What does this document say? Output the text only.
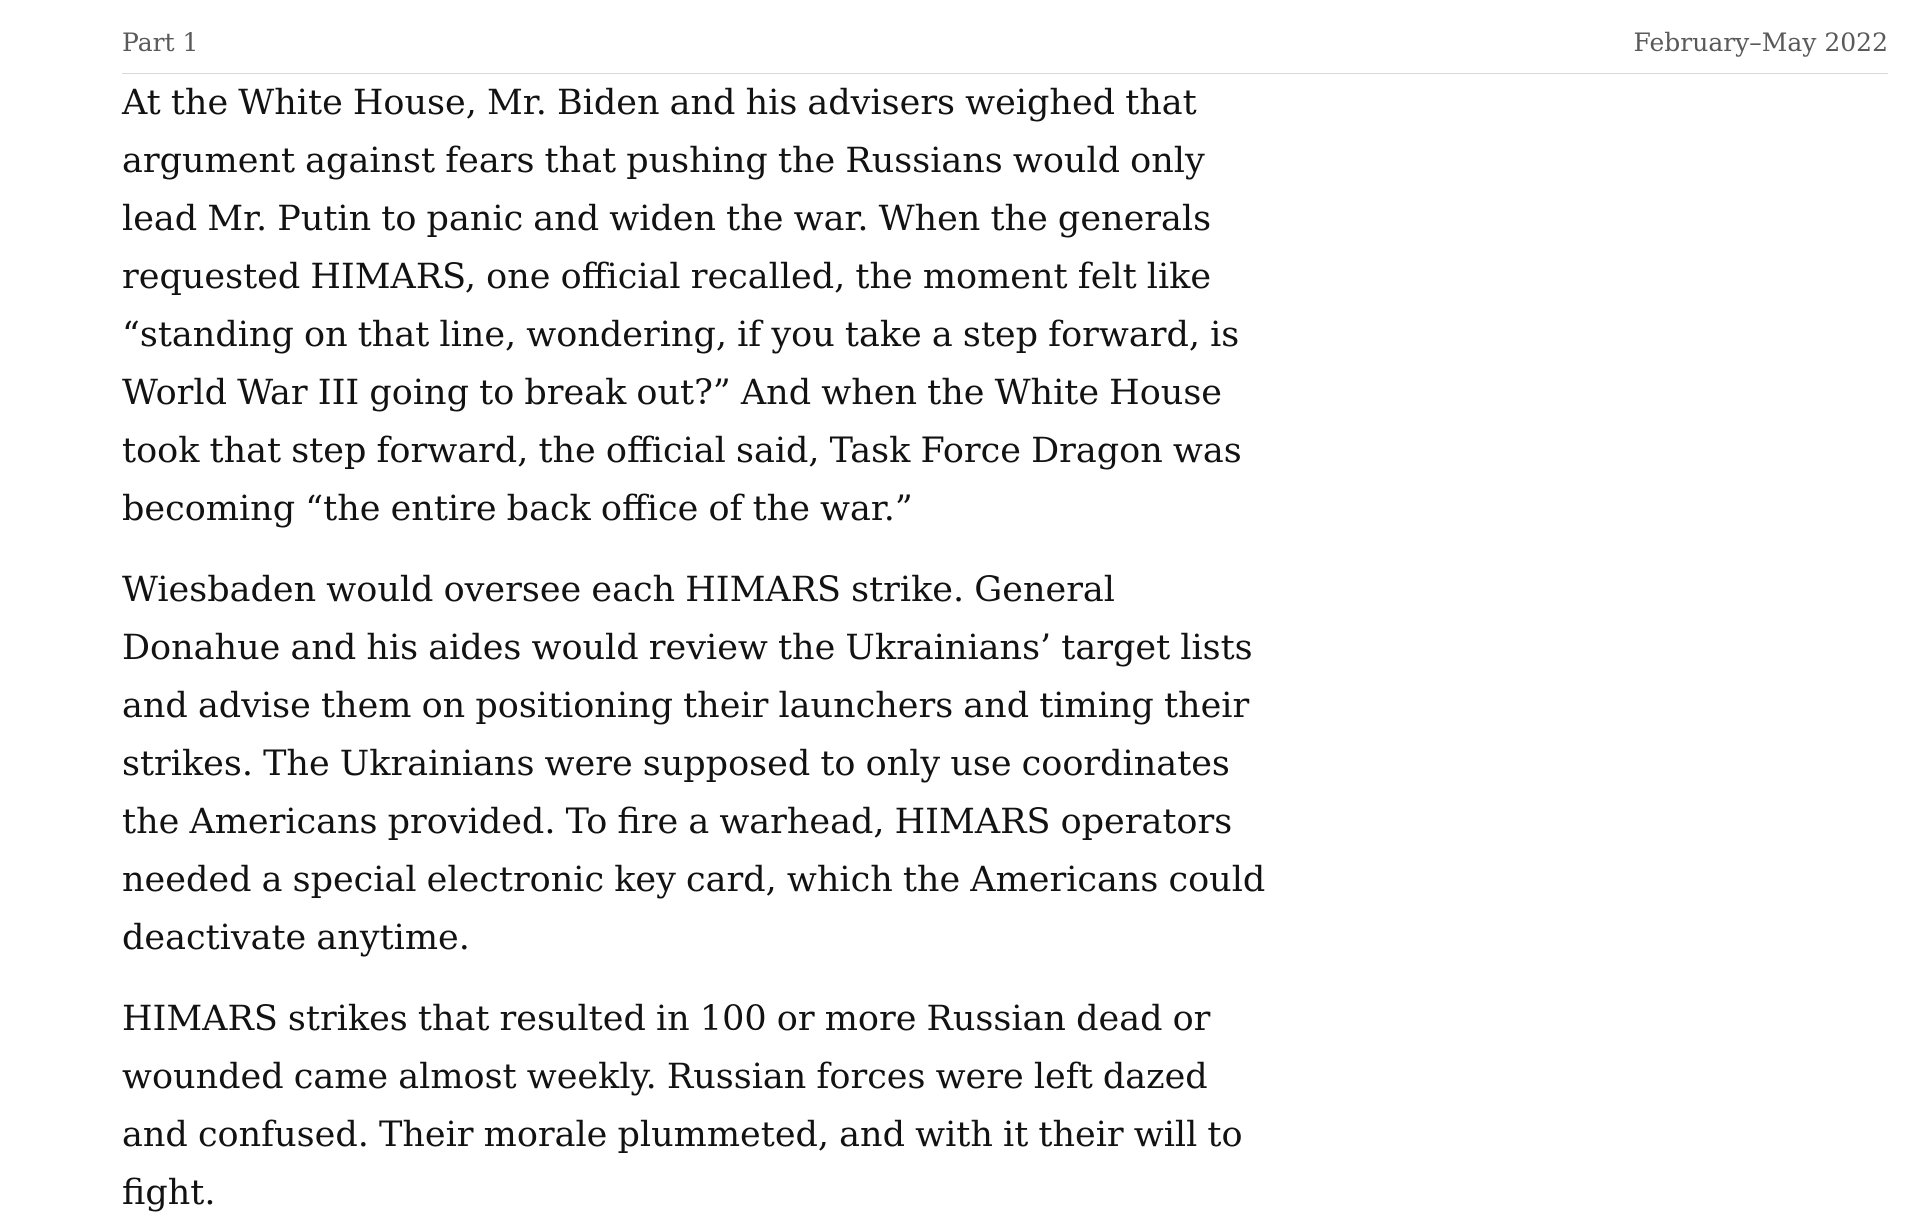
Part 1	February–May 2022

At the White House, Mr. Biden and his advisers weighed that argument against fears that pushing the Russians would only lead Mr. Putin to panic and widen the war. When the generals requested HIMARS, one official recalled, the moment felt like “standing on that line, wondering, if you take a step forward, is World War III going to break out?” And when the White House took that step forward, the official said, Task Force Dragon was becoming “the entire back office of the war.”

Wiesbaden would oversee each HIMARS strike. General Donahue and his aides would review the Ukrainians’ target lists and advise them on positioning their launchers and timing their strikes. The Ukrainians were supposed to only use coordinates the Americans provided. To fire a warhead, HIMARS operators needed a special electronic key card, which the Americans could deactivate anytime.

HIMARS strikes that resulted in 100 or more Russian dead or wounded came almost weekly. Russian forces were left dazed and confused. Their morale plummeted, and with it their will to fight.
